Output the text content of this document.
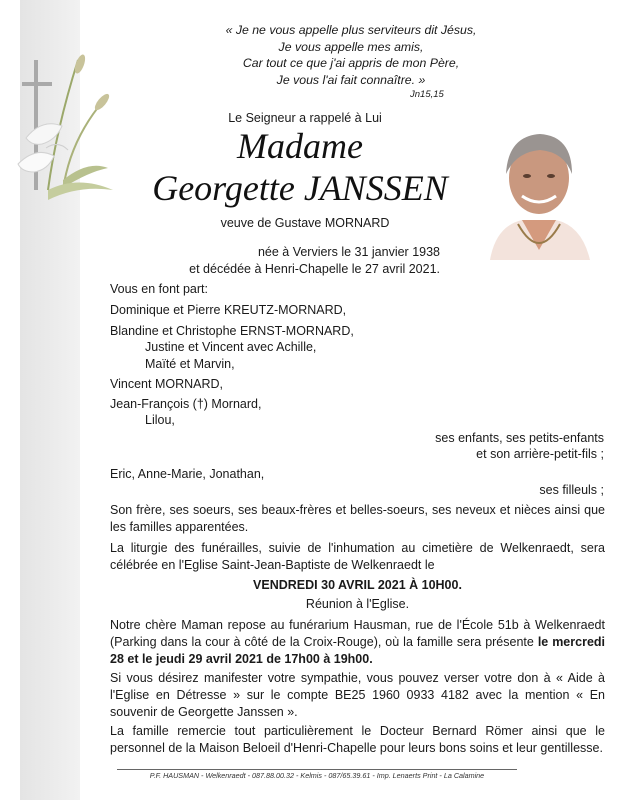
« Je ne vous appelle plus serviteurs dit Jésus,
Je vous appelle mes amis,
Car tout ce que j'ai appris de mon Père,
Je vous l'ai fait connaître. »
Jn15,15
Le Seigneur a rappelé à Lui
Madame
Georgette JANSSEN
veuve de Gustave MORNARD
née à Verviers le 31 janvier 1938
et décédée à Henri-Chapelle le 27 avril 2021.
Vous en font part:
Dominique et Pierre KREUTZ-MORNARD,
Blandine et Christophe ERNST-MORNARD,
Justine et Vincent avec Achille,
Maïté et Marvin,
Vincent MORNARD,
Jean-François (†) Mornard,
Lilou,
ses enfants, ses petits-enfants
et son arrière-petit-fils ;
Eric, Anne-Marie, Jonathan,
ses filleuls ;
Son frère, ses soeurs, ses beaux-frères et belles-soeurs, ses neveux et nièces ainsi que les familles apparentées.
La liturgie des funérailles, suivie de l'inhumation au cimetière de Welkenraedt, sera célébrée en l'Eglise Saint-Jean-Baptiste de Welkenraedt le
VENDREDI 30 AVRIL 2021 À 10H00.
Réunion à l'Eglise.
Notre chère Maman repose au funérarium Hausman, rue de l'École 51b à Welkenraedt (Parking dans la cour à côté de la Croix-Rouge), où la famille sera présente le mercredi 28 et le jeudi 29 avril 2021 de 17h00 à 19h00.
Si vous désirez manifester votre sympathie, vous pouvez verser votre don à « Aide à l'Eglise en Détresse » sur le compte BE25 1960 0933 4182 avec la mention « En souvenir de Georgette Janssen ».
La famille remercie tout particulièrement le Docteur Bernard Römer ainsi que le personnel de la Maison Beloeil d'Henri-Chapelle pour leurs bons soins et leur gentillesse.
P.F. HAUSMAN - Welkenraedt - 087.88.00.32 - Kelmis - 087/65.39.61 - Imp. Lenaerts Print - La Calamine
